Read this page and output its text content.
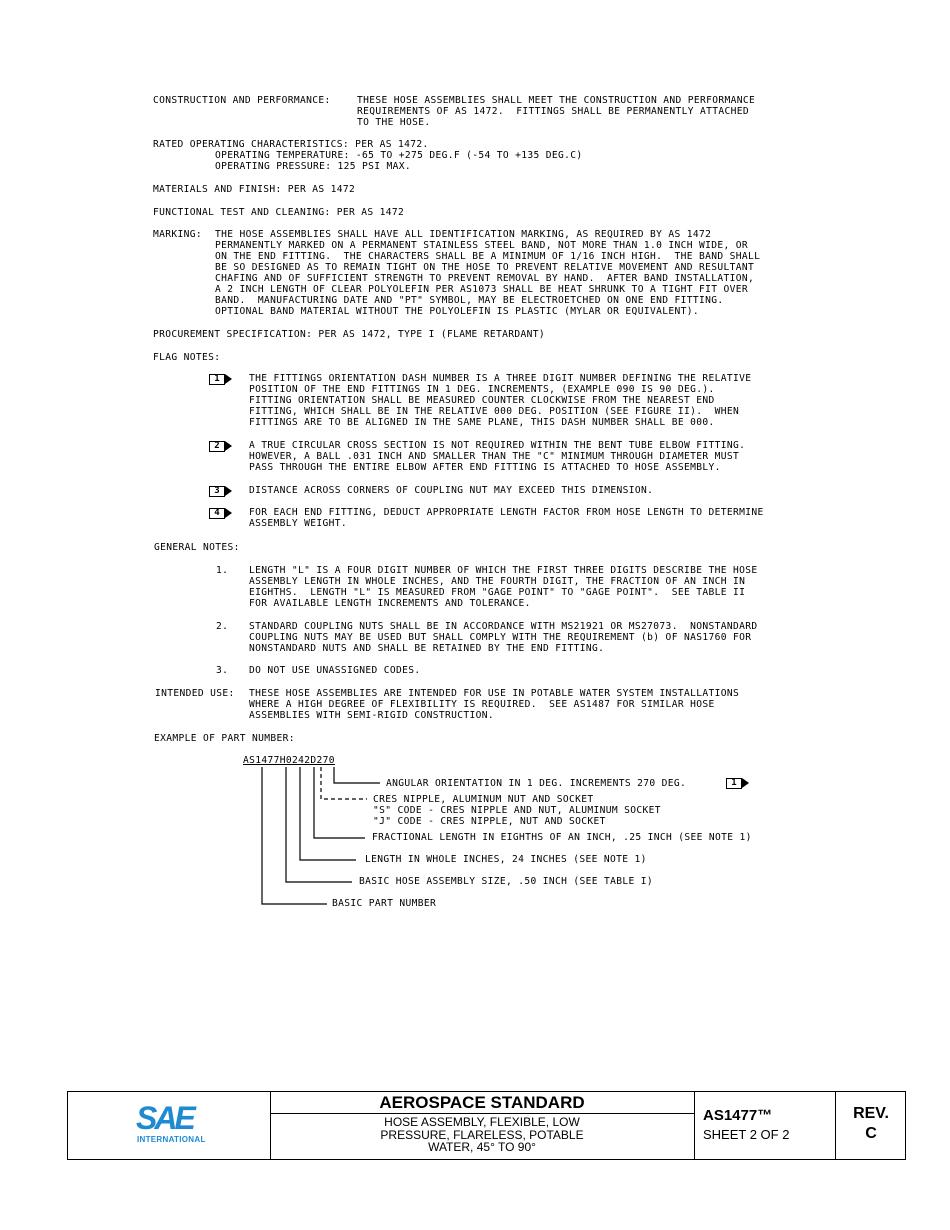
CONSTRUCTION AND PERFORMANCE:	THESE HOSE ASSEMBLIES SHALL MEET THE CONSTRUCTION AND PERFORMANCE
REQUIREMENTS OF AS 1472.  FITTINGS SHALL BE PERMANENTLY ATTACHED
TO THE HOSE.
RATED OPERATING CHARACTERISTICS: PER AS 1472.
OPERATING TEMPERATURE: -65 TO +275 DEG.F (-54 TO +135 DEG.C)
OPERATING PRESSURE: 125 PSI MAX.
MATERIALS AND FINISH: PER AS 1472
FUNCTIONAL TEST AND CLEANING: PER AS 1472
MARKING: THE HOSE ASSEMBLIES SHALL HAVE ALL IDENTIFICATION MARKING, AS REQUIRED BY AS 1472
PERMANENTLY MARKED ON A PERMANENT STAINLESS STEEL BAND, NOT MORE THAN 1.0 INCH WIDE, OR
ON THE END FITTING.  THE CHARACTERS SHALL BE A MINIMUM OF 1/16 INCH HIGH.  THE BAND SHALL
BE SO DESIGNED AS TO REMAIN TIGHT ON THE HOSE TO PREVENT RELATIVE MOVEMENT AND RESULTANT
CHAFING AND OF SUFFICIENT STRENGTH TO PREVENT REMOVAL BY HAND.  AFTER BAND INSTALLATION,
A 2 INCH LENGTH OF CLEAR POLYOLEFIN PER AS1073 SHALL BE HEAT SHRUNK TO A TIGHT FIT OVER
BAND.  MANUFACTURING DATE AND "PT" SYMBOL, MAY BE ELECTROETCHED ON ONE END FITTING.
OPTIONAL BAND MATERIAL WITHOUT THE POLYOLEFIN IS PLASTIC (MYLAR OR EQUIVALENT).
PROCUREMENT SPECIFICATION: PER AS 1472, TYPE I (FLAME RETARDANT)
FLAG NOTES:
1	THE FITTINGS ORIENTATION DASH NUMBER IS A THREE DIGIT NUMBER DEFINING THE RELATIVE
POSITION OF THE END FITTINGS IN 1 DEG. INCREMENTS, (EXAMPLE 090 IS 90 DEG.).
FITTING ORIENTATION SHALL BE MEASURED COUNTER CLOCKWISE FROM THE NEAREST END
FITTING, WHICH SHALL BE IN THE RELATIVE 000 DEG. POSITION (SEE FIGURE II).  WHEN
FITTINGS ARE TO BE ALIGNED IN THE SAME PLANE, THIS DASH NUMBER SHALL BE 000.
2	A TRUE CIRCULAR CROSS SECTION IS NOT REQUIRED WITHIN THE BENT TUBE ELBOW FITTING.
HOWEVER, A BALL .031 INCH AND SMALLER THAN THE "C" MINIMUM THROUGH DIAMETER MUST
PASS THROUGH THE ENTIRE ELBOW AFTER END FITTING IS ATTACHED TO HOSE ASSEMBLY.
3	DISTANCE ACROSS CORNERS OF COUPLING NUT MAY EXCEED THIS DIMENSION.
4	FOR EACH END FITTING, DEDUCT APPROPRIATE LENGTH FACTOR FROM HOSE LENGTH TO DETERMINE
ASSEMBLY WEIGHT.
GENERAL NOTES:
1. LENGTH "L" IS A FOUR DIGIT NUMBER OF WHICH THE FIRST THREE DIGITS DESCRIBE THE HOSE
ASSEMBLY LENGTH IN WHOLE INCHES, AND THE FOURTH DIGIT, THE FRACTION OF AN INCH IN
EIGHTHS.  LENGTH "L" IS MEASURED FROM "GAGE POINT" TO "GAGE POINT".  SEE TABLE II
FOR AVAILABLE LENGTH INCREMENTS AND TOLERANCE.
2. STANDARD COUPLING NUTS SHALL BE IN ACCORDANCE WITH MS21921 OR MS27073.  NONSTANDARD
COUPLING NUTS MAY BE USED BUT SHALL COMPLY WITH THE REQUIREMENT (b) OF NAS1760 FOR
NONSTANDARD NUTS AND SHALL BE RETAINED BY THE END FITTING.
3. DO NOT USE UNASSIGNED CODES.
INTENDED USE: THESE HOSE ASSEMBLIES ARE INTENDED FOR USE IN POTABLE WATER SYSTEM INSTALLATIONS
WHERE A HIGH DEGREE OF FLEXIBILITY IS REQUIRED.  SEE AS1487 FOR SIMILAR HOSE
ASSEMBLIES WITH SEMI-RIGID CONSTRUCTION.
EXAMPLE OF PART NUMBER:
AS1477H0242D270
ANGULAR ORIENTATION IN 1 DEG. INCREMENTS 270 DEG.	1
CRES NIPPLE, ALUMINUM NUT AND SOCKET
"S" CODE - CRES NIPPLE AND NUT, ALUMINUM SOCKET
"J" CODE - CRES NIPPLE, NUT AND SOCKET
FRACTIONAL LENGTH IN EIGHTHS OF AN INCH, .25 INCH (SEE NOTE 1)
LENGTH IN WHOLE INCHES, 24 INCHES (SEE NOTE 1)
BASIC HOSE ASSEMBLY SIZE, .50 INCH (SEE TABLE I)
BASIC PART NUMBER
SAE
INTERNATIONAL
AEROSPACE STANDARD
HOSE ASSEMBLY, FLEXIBLE, LOW
PRESSURE, FLARELESS, POTABLE
WATER, 45° TO 90°
AS1477™
SHEET 2 OF 2
REV.
C
